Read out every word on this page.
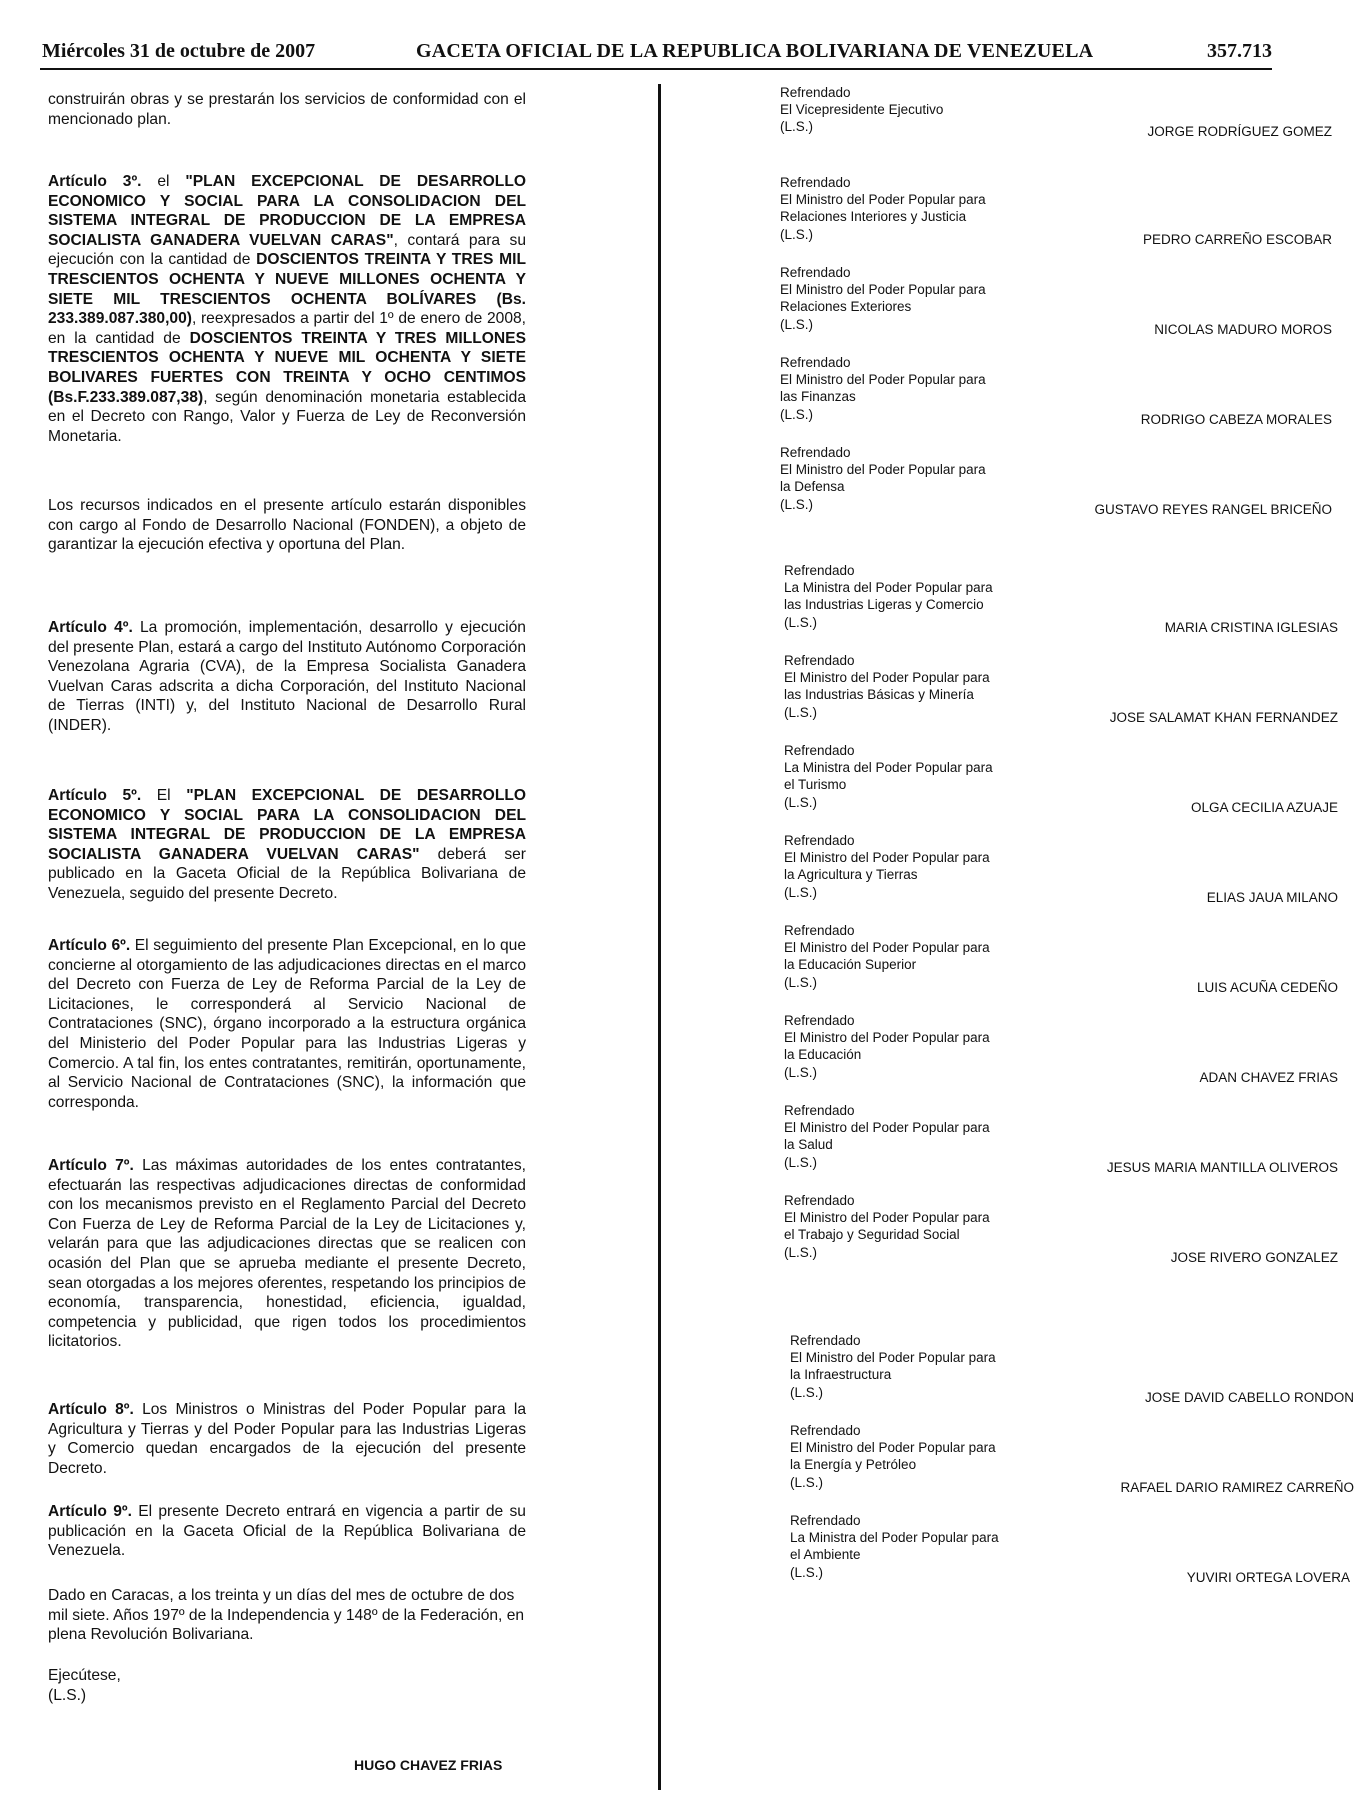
Miércoles 31 de octubre de 2007	GACETA OFICIAL DE LA REPUBLICA BOLIVARIANA DE VENEZUELA	357.713

construirán obras y se prestarán los servicios de conformidad con el mencionado plan.

Artículo 3º. el "PLAN EXCEPCIONAL DE DESARROLLO ECONOMICO Y SOCIAL PARA LA CONSOLIDACION DEL SISTEMA INTEGRAL DE PRODUCCION DE LA EMPRESA SOCIALISTA GANADERA VUELVAN CARAS", contará para su ejecución con la cantidad de DOSCIENTOS TREINTA Y TRES MIL TRESCIENTOS OCHENTA Y NUEVE MILLONES OCHENTA Y SIETE MIL TRESCIENTOS OCHENTA BOLÍVARES (Bs. 233.389.087.380,00), reexpresados a partir del 1º de enero de 2008, en la cantidad de DOSCIENTOS TREINTA Y TRES MILLONES TRESCIENTOS OCHENTA Y NUEVE MIL OCHENTA Y SIETE BOLIVARES FUERTES CON TREINTA Y OCHO CENTIMOS (Bs.F.233.389.087,38), según denominación monetaria establecida en el Decreto con Rango, Valor y Fuerza de Ley de Reconversión Monetaria.

Los recursos indicados en el presente artículo estarán disponibles con cargo al Fondo de Desarrollo Nacional (FONDEN), a objeto de garantizar la ejecución efectiva y oportuna del Plan.

Artículo 4º. La promoción, implementación, desarrollo y ejecución del presente Plan, estará a cargo del Instituto Autónomo Corporación Venezolana Agraria (CVA), de la Empresa Socialista Ganadera Vuelvan Caras adscrita a dicha Corporación, del Instituto Nacional de Tierras (INTI) y, del Instituto Nacional de Desarrollo Rural (INDER).

Artículo 5º. El "PLAN EXCEPCIONAL DE DESARROLLO ECONOMICO Y SOCIAL PARA LA CONSOLIDACION DEL SISTEMA INTEGRAL DE PRODUCCION DE LA EMPRESA SOCIALISTA GANADERA VUELVAN CARAS" deberá ser publicado en la Gaceta Oficial de la República Bolivariana de Venezuela, seguido del presente Decreto.

Artículo 6º. El seguimiento del presente Plan Excepcional, en lo que concierne al otorgamiento de las adjudicaciones directas en el marco del Decreto con Fuerza de Ley de Reforma Parcial de la Ley de Licitaciones, le corresponderá al Servicio Nacional de Contrataciones (SNC), órgano incorporado a la estructura orgánica del Ministerio del Poder Popular para las Industrias Ligeras y Comercio. A tal fin, los entes contratantes, remitirán, oportunamente, al Servicio Nacional de Contrataciones (SNC), la información que corresponda.

Artículo 7º. Las máximas autoridades de los entes contratantes, efectuarán las respectivas adjudicaciones directas de conformidad con los mecanismos previsto en el Reglamento Parcial del Decreto Con Fuerza de Ley de Reforma Parcial de la Ley de Licitaciones y, velarán para que las adjudicaciones directas que se realicen con ocasión del Plan que se aprueba mediante el presente Decreto, sean otorgadas a los mejores oferentes, respetando los principios de economía, transparencia, honestidad, eficiencia, igualdad, competencia y publicidad, que rigen todos los procedimientos licitatorios.

Artículo 8º. Los Ministros o Ministras del Poder Popular para la Agricultura y Tierras y del Poder Popular para las Industrias Ligeras y Comercio quedan encargados de la ejecución del presente Decreto.

Artículo 9º. El presente Decreto entrará en vigencia a partir de su publicación en la Gaceta Oficial de la República Bolivariana de Venezuela.

Dado en Caracas, a los treinta y un días del mes de octubre de dos mil siete. Años 197º de la Independencia y 148º de la Federación, en plena Revolución Bolivariana.

Ejecútese,

(L.S.)

HUGO CHAVEZ FRIAS
Refrendado
El Vicepresidente Ejecutivo
(L.S.)	JORGE RODRÍGUEZ GOMEZ
Refrendado
El Ministro del Poder Popular para
Relaciones Interiores y Justicia
(L.S.)	PEDRO CARREÑO ESCOBAR
Refrendado
El Ministro del Poder Popular para
Relaciones Exteriores
(L.S.)	NICOLAS MADURO MOROS
Refrendado
El Ministro del Poder Popular para
las Finanzas
(L.S.)	RODRIGO CABEZA MORALES
Refrendado
El Ministro del Poder Popular para
la Defensa
(L.S.)	GUSTAVO REYES RANGEL BRICEÑO
Refrendado
La Ministra del Poder Popular para
las Industrias Ligeras y Comercio
(L.S.)	MARIA CRISTINA IGLESIAS
Refrendado
El Ministro del Poder Popular para
las Industrias Básicas y Minería
(L.S.)	JOSE SALAMAT KHAN FERNANDEZ
Refrendado
La Ministra del Poder Popular para
el Turismo
(L.S.)	OLGA CECILIA AZUAJE
Refrendado
El Ministro del Poder Popular para
la Agricultura y Tierras
(L.S.)	ELIAS JAUA MILANO
Refrendado
El Ministro del Poder Popular para
la Educación Superior
(L.S.)	LUIS ACUÑA CEDEÑO
Refrendado
El Ministro del Poder Popular para
la Educación
(L.S.)	ADAN CHAVEZ FRIAS
Refrendado
El Ministro del Poder Popular para
la Salud
(L.S.)	JESUS MARIA MANTILLA OLIVEROS
Refrendado
El Ministro del Poder Popular para
el Trabajo y Seguridad Social
(L.S.)	JOSE RIVERO GONZALEZ
Refrendado
El Ministro del Poder Popular para
la Infraestructura
(L.S.)	JOSE DAVID CABELLO RONDON
Refrendado
El Ministro del Poder Popular para
la Energía y Petróleo
(L.S.)	RAFAEL DARIO RAMIREZ CARREÑO
Refrendado
La Ministra del Poder Popular para
el Ambiente
(L.S.)	YUVIRI ORTEGA LOVERA
